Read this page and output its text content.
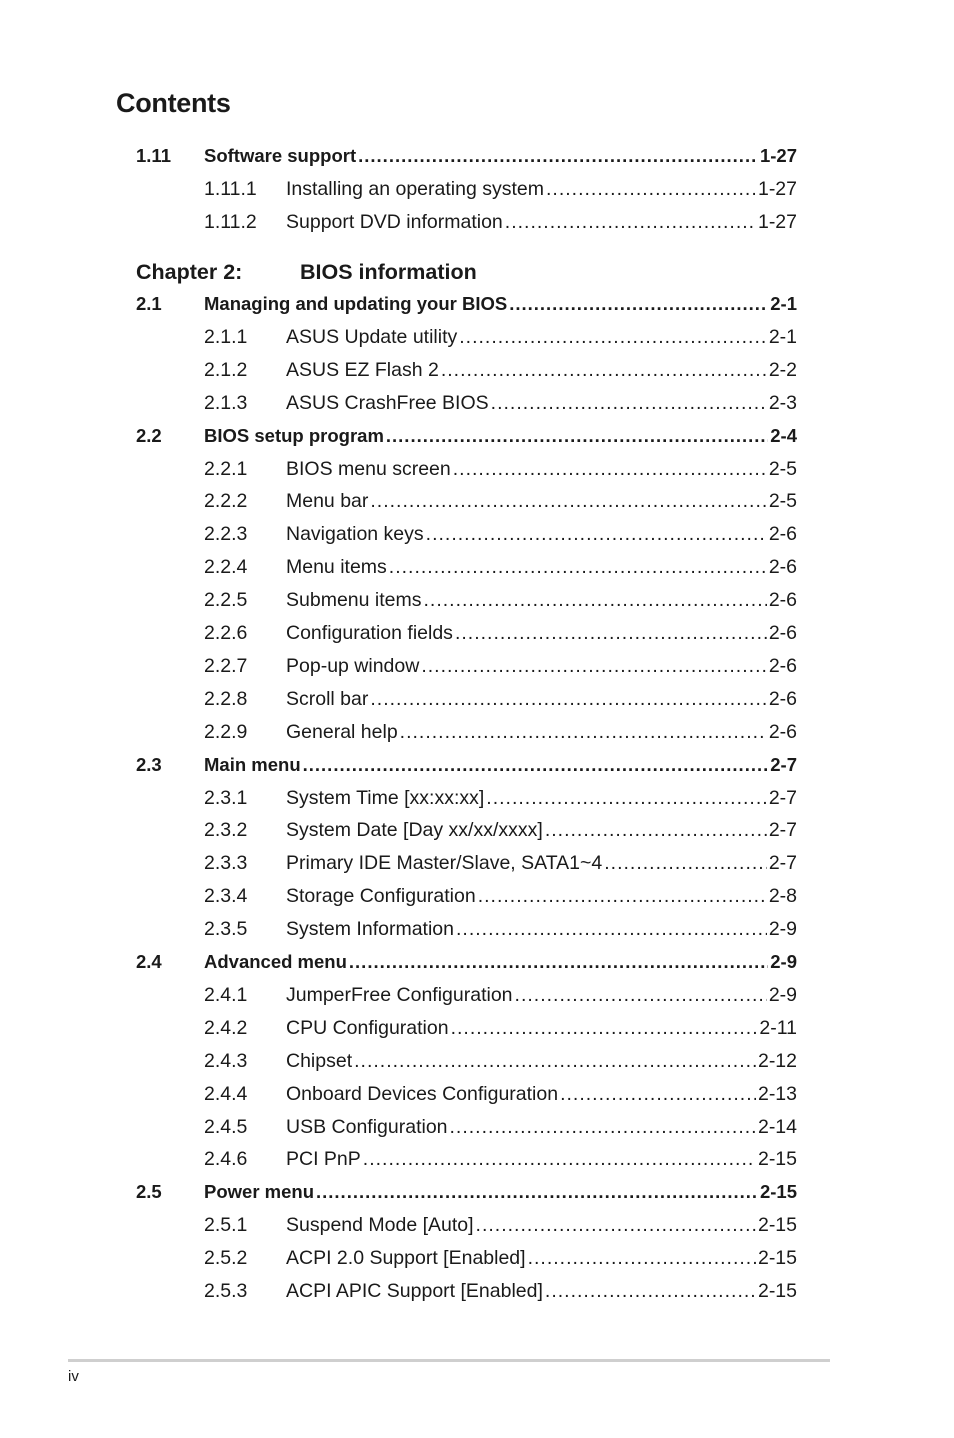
Contents
Chapter 2:	BIOS information
1.11 Software support .....	1-27
1.11.1 Installing an operating system .....	1-27
1.11.2 Support DVD information .....	1-27
2.1 Managing and updating your BIOS .....	2-1
2.1.1 ASUS Update utility .....	2-1
2.1.2 ASUS EZ Flash 2 .....	2-2
2.1.3 ASUS CrashFree BIOS .....	2-3
2.2 BIOS setup program .....	2-4
2.2.1 BIOS menu screen .....	2-5
2.2.2 Menu bar .....	2-5
2.2.3 Navigation keys .....	2-6
2.2.4 Menu items .....	2-6
2.2.5 Submenu items .....	2-6
2.2.6 Configuration fields .....	2-6
2.2.7 Pop-up window .....	2-6
2.2.8 Scroll bar .....	2-6
2.2.9 General help .....	2-6
2.3 Main menu .....	2-7
2.3.1 System Time [xx:xx:xx] .....	2-7
2.3.2 System Date [Day xx/xx/xxxx] .....	2-7
2.3.3 Primary IDE Master/Slave, SATA1~4 .....	2-7
2.3.4 Storage Configuration .....	2-8
2.3.5 System Information .....	2-9
2.4 Advanced menu .....	2-9
2.4.1 JumperFree Configuration .....	2-9
2.4.2 CPU Configuration .....	2-11
2.4.3 Chipset .....	2-12
2.4.4 Onboard Devices Configuration .....	2-13
2.4.5 USB Configuration .....	2-14
2.4.6 PCI PnP .....	2-15
2.5 Power menu .....	2-15
2.5.1 Suspend Mode [Auto] .....	2-15
2.5.2 ACPI 2.0 Support [Enabled] .....	2-15
2.5.3 ACPI APIC Support [Enabled] .....	2-15
iv
